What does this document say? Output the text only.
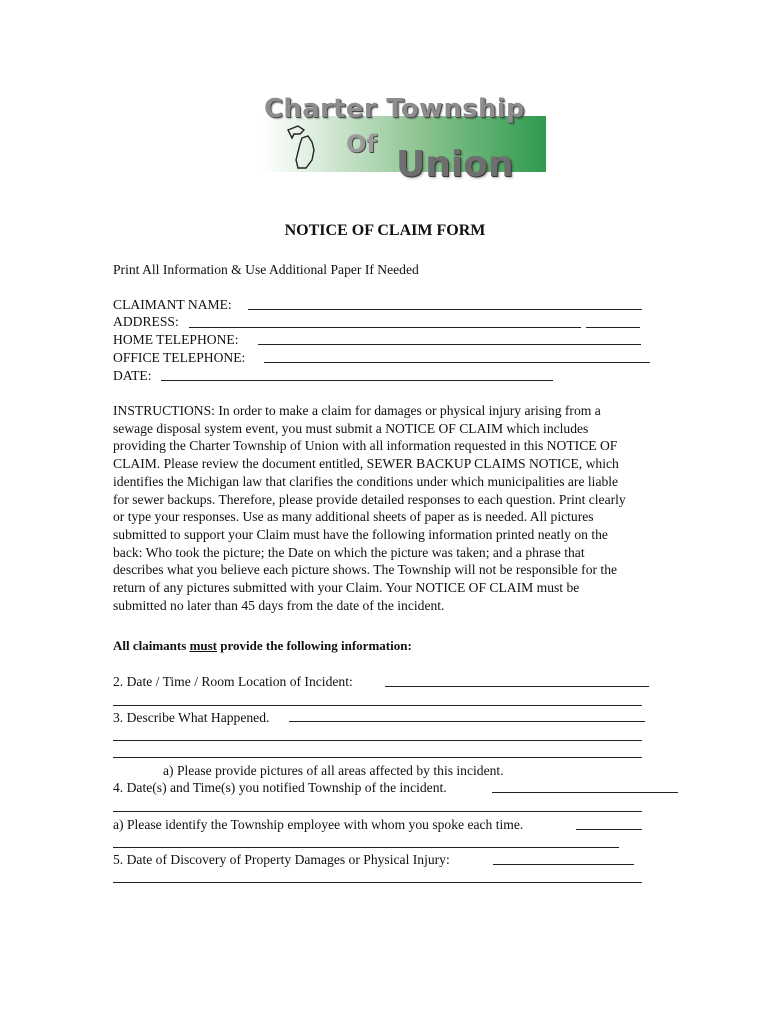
Charter Township
Of Union
NOTICE OF CLAIM FORM
Print All Information & Use Additional Paper If Needed
CLAIMANT NAME:
ADDRESS:
HOME TELEPHONE:
OFFICE TELEPHONE:
DATE:
INSTRUCTIONS: In order to make a claim for damages or physical injury arising from a
sewage disposal system event, you must submit a NOTICE OF CLAIM which includes
providing the Charter Township of Union with all information requested in this NOTICE OF
CLAIM. Please review the document entitled, SEWER BACKUP CLAIMS NOTICE, which
identifies the Michigan law that clarifies the conditions under which municipalities are liable
for sewer backups. Therefore, please provide detailed responses to each question. Print clearly
or type your responses. Use as many additional sheets of paper as is needed. All pictures
submitted to support your Claim must have the following information printed neatly on the
back: Who took the picture; the Date on which the picture was taken; and a phrase that
describes what you believe each picture shows. The Township will not be responsible for the
return of any pictures submitted with your Claim. Your NOTICE OF CLAIM must be
submitted no later than 45 days from the date of the incident.
All claimants must provide the following information:
2. Date / Time / Room Location of Incident:
3. Describe What Happened.
a) Please provide pictures of all areas affected by this incident.
4. Date(s) and Time(s) you notified Township of the incident.
a) Please identify the Township employee with whom you spoke each time.
5. Date of Discovery of Property Damages or Physical Injury:
